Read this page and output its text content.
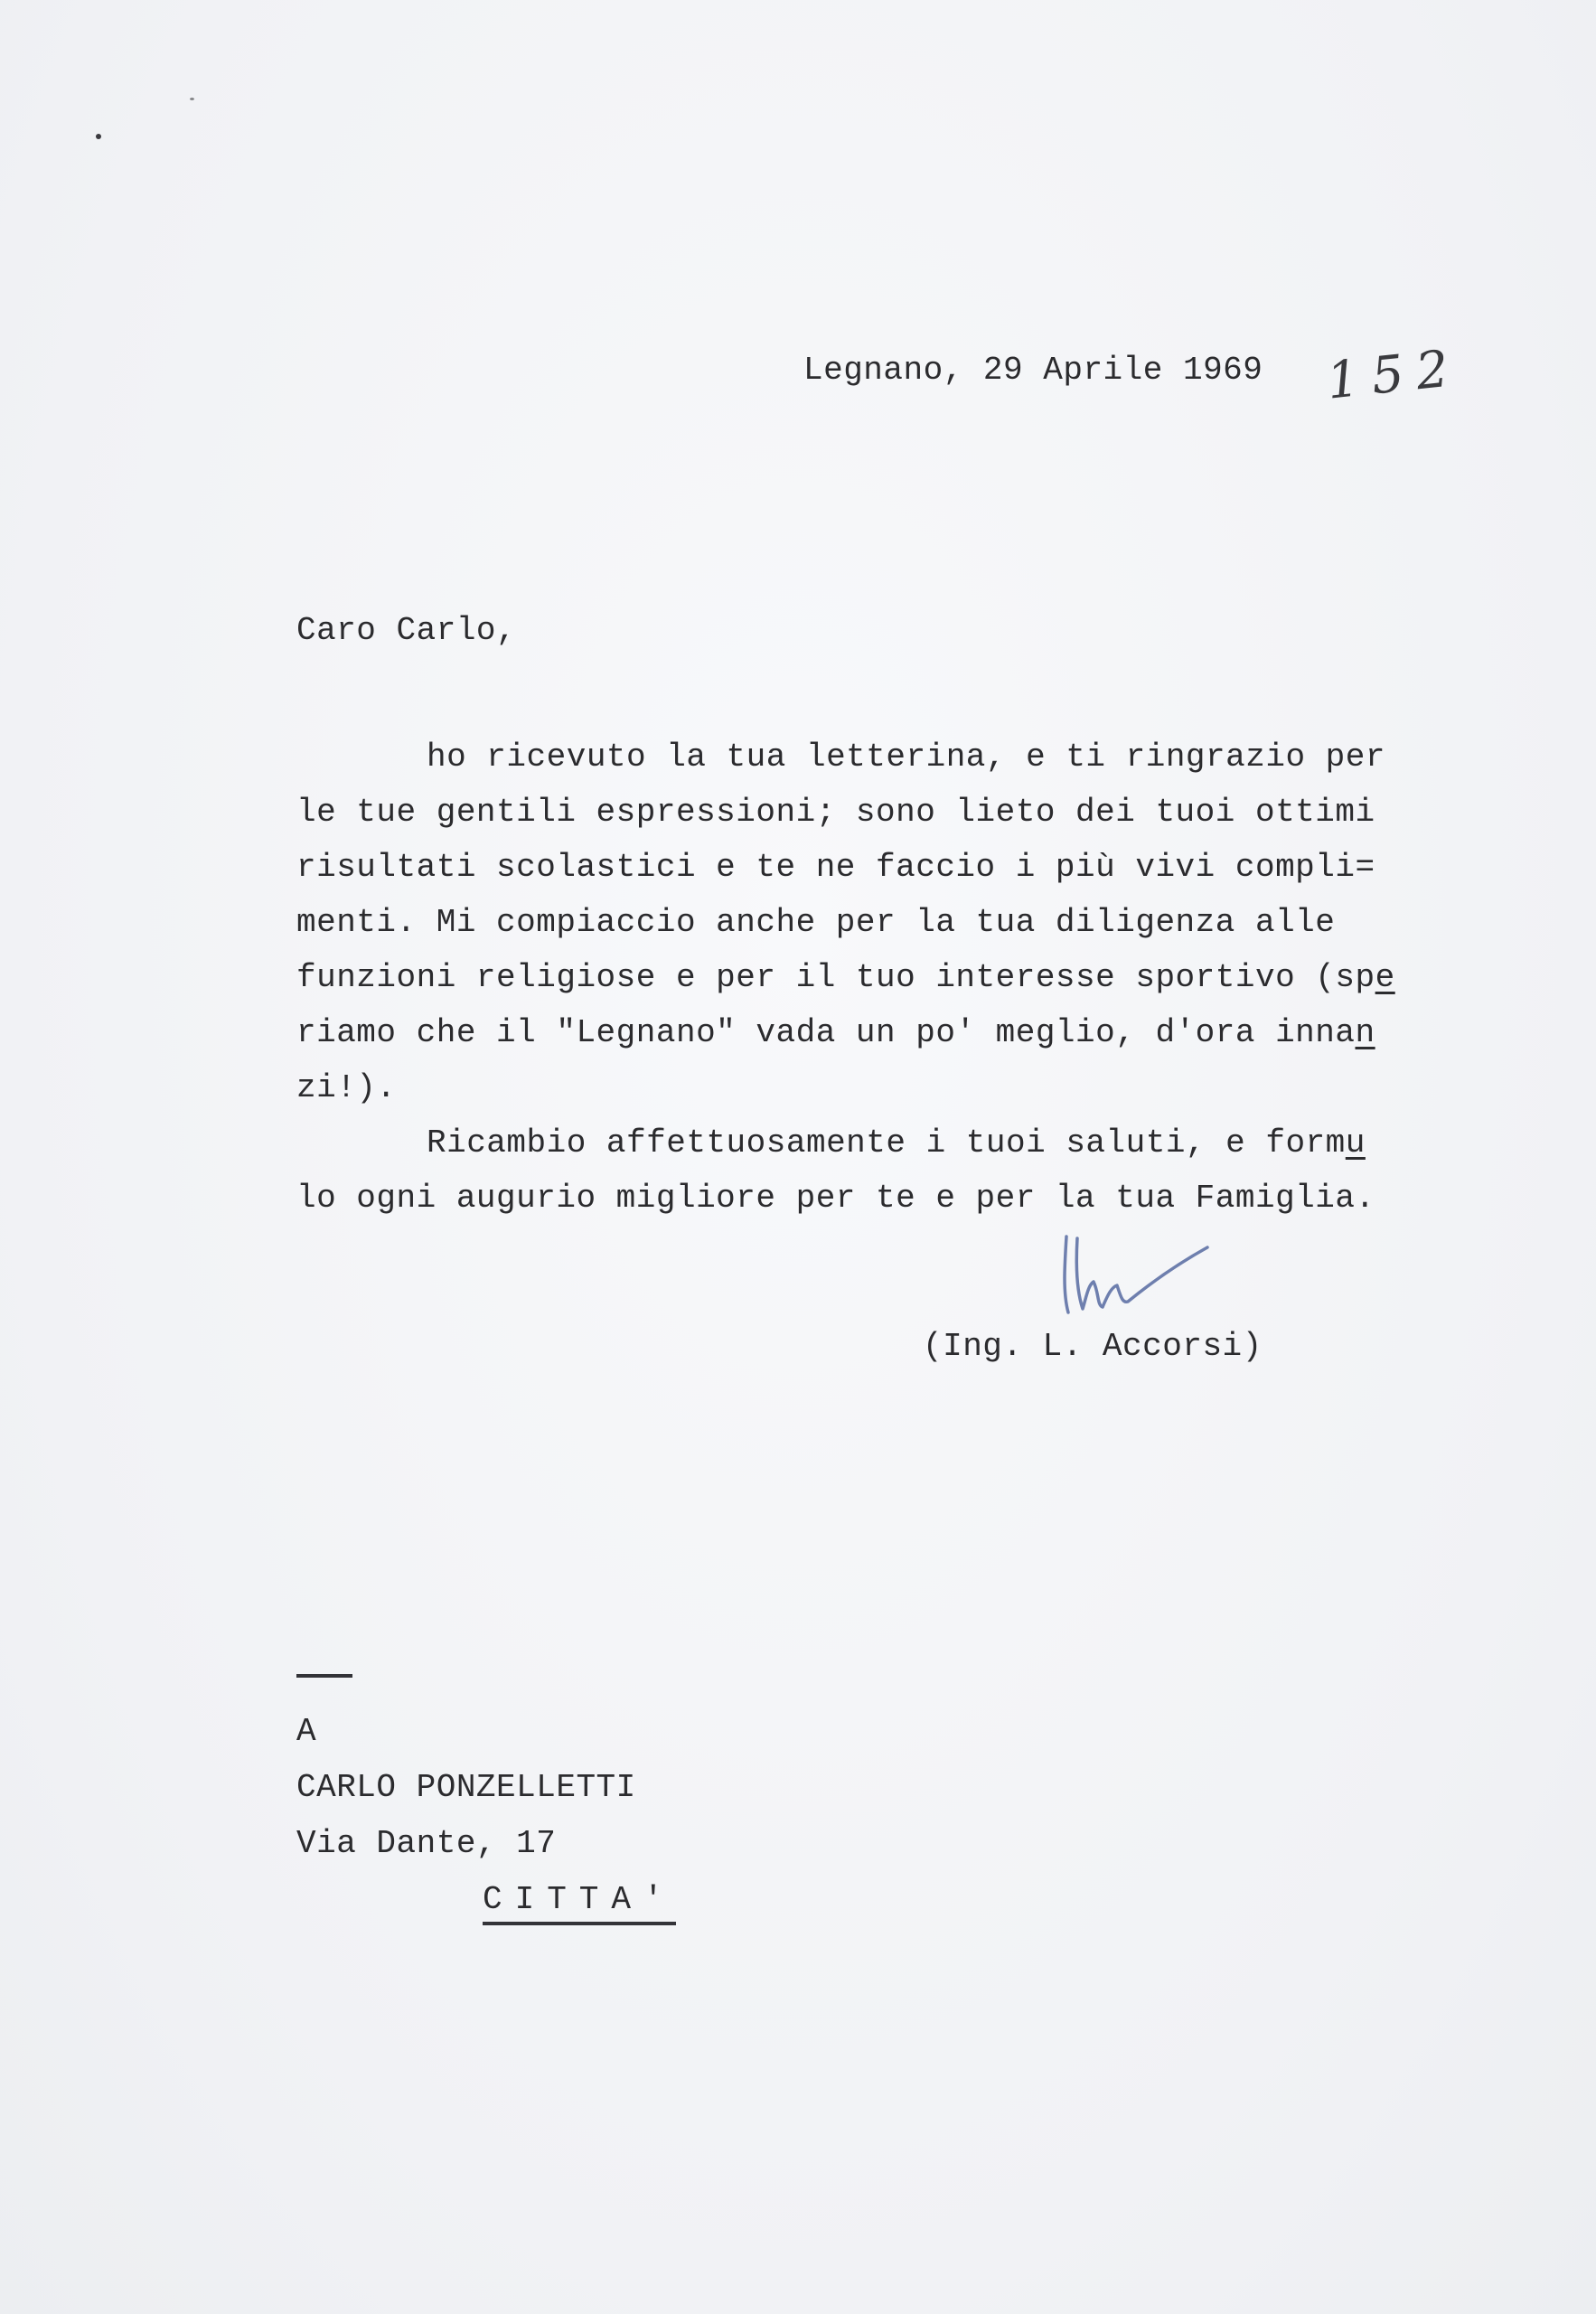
Legnano, 29 Aprile 1969 152
Caro Carlo,
ho ricevuto la tua letterina, e ti ringrazio per
le tue gentili espressioni; sono lieto dei tuoi ottimi
risultati scolastici e te ne faccio i più vivi compli=
menti. Mi compiaccio anche per la tua diligenza alle
funzioni religiose e per il tuo interesse sportivo (spe
riamo che il "Legnano" vada un po' meglio, d'ora innan
zi!).
Ricambio affettuosamente i tuoi saluti, e formu
lo ogni augurio migliore per te e per la tua Famiglia.
(Ing. L. Accorsi)
A
CARLO PONZELLETTI
Via Dante, 17
CITTA'
